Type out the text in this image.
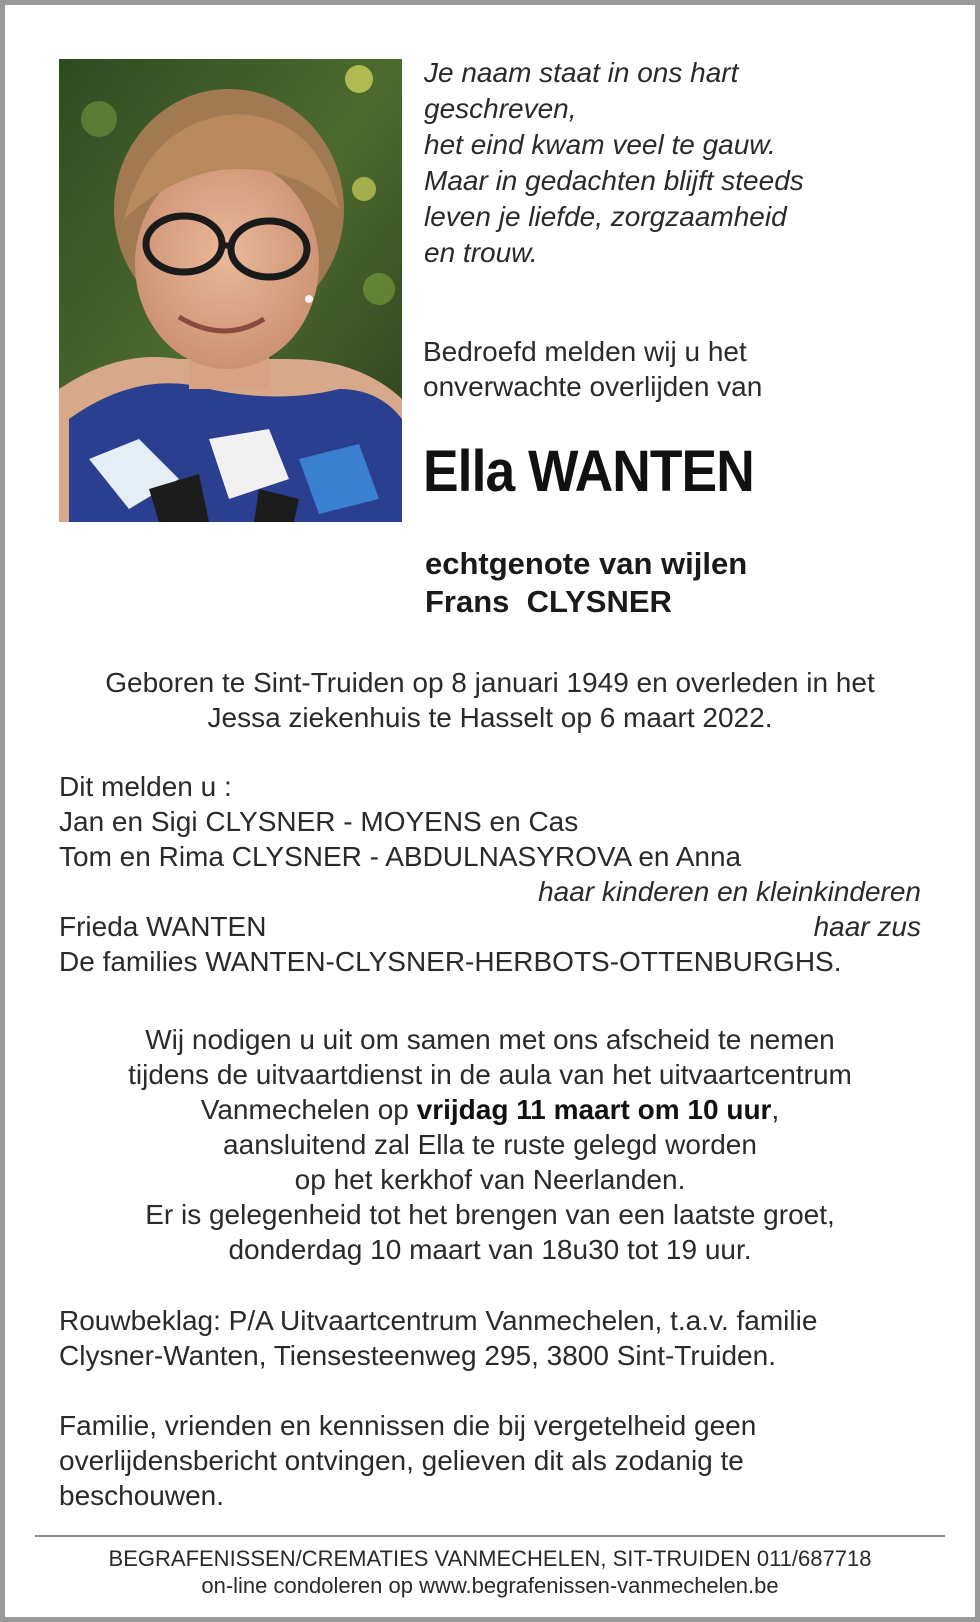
Je naam staat in ons hart
geschreven,
het eind kwam veel te gauw.
Maar in gedachten blijft steeds
leven je liefde, zorgzaamheid
en trouw.
Bedroefd melden wij u het
onverwachte overlijden van
Ella WANTEN
echtgenote van wijlen
Frans  CLYSNER
Geboren te Sint-Truiden op 8 januari 1949 en overleden in het
Jessa ziekenhuis te Hasselt op 6 maart 2022.
Dit melden u :
Jan en Sigi CLYSNER - MOYENS en Cas
Tom en Rima CLYSNER - ABDULNASYROVA en Anna
haar kinderen en kleinkinderen
Frieda WANTEN	haar zus
De families WANTEN-CLYSNER-HERBOTS-OTTENBURGHS.
Wij nodigen u uit om samen met ons afscheid te nemen
tijdens de uitvaartdienst in de aula van het uitvaartcentrum
Vanmechelen op vrijdag 11 maart om 10 uur,
aansluitend zal Ella te ruste gelegd worden
op het kerkhof van Neerlanden.
Er is gelegenheid tot het brengen van een laatste groet,
donderdag 10 maart van 18u30 tot 19 uur.
Rouwbeklag: P/A Uitvaartcentrum Vanmechelen, t.a.v. familie
Clysner-Wanten, Tiensesteenweg 295, 3800 Sint-Truiden.
Familie, vrienden en kennissen die bij vergetelheid geen
overlijdensbericht ontvingen, gelieven dit als zodanig te
beschouwen.
BEGRAFENISSEN/CREMATIES VANMECHELEN, SIT-TRUIDEN 011/687718
on-line condoleren op www.begrafenissen-vanmechelen.be
